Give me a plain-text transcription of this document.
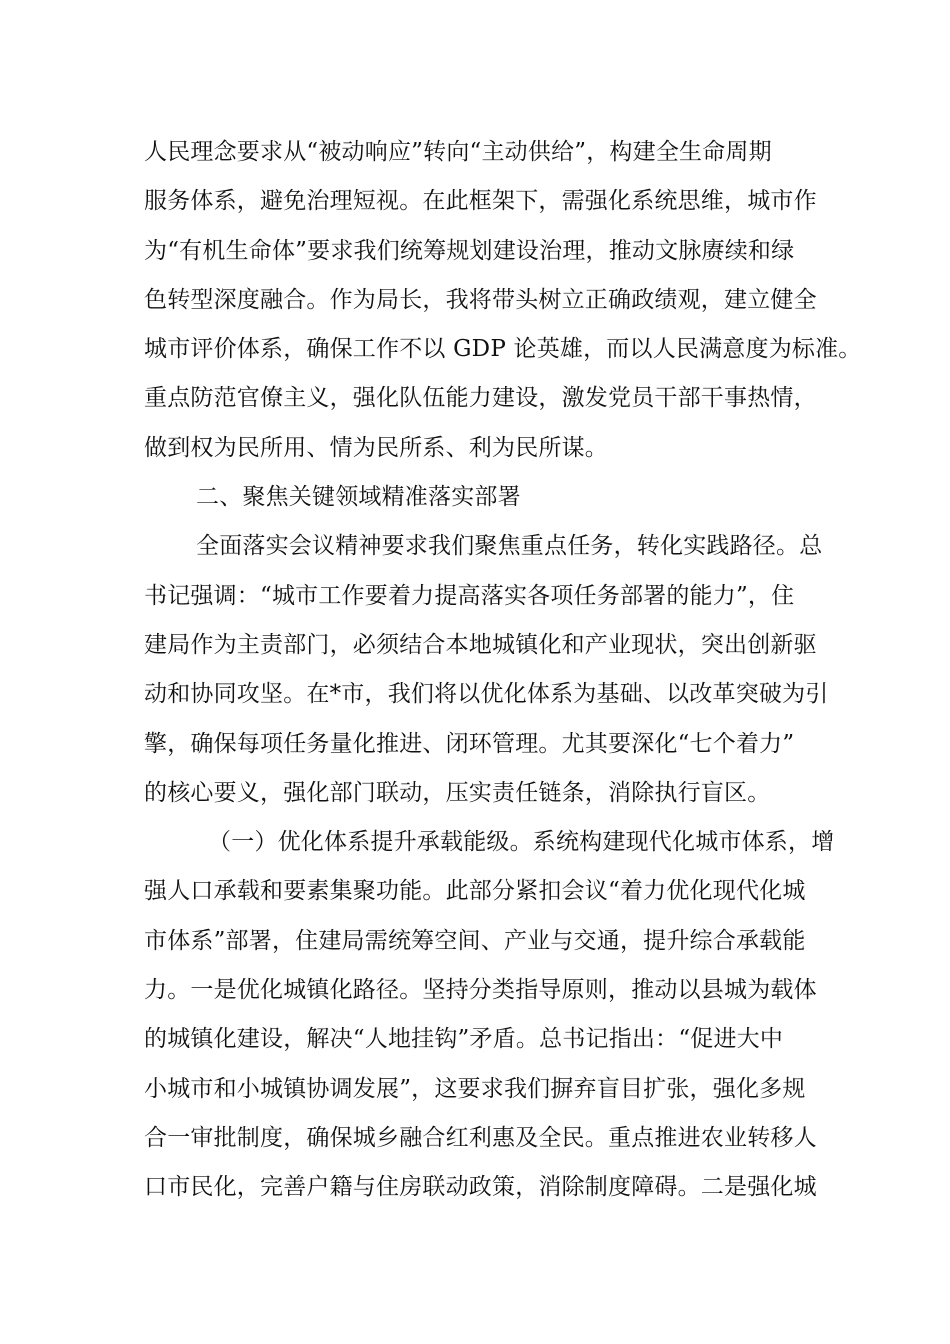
人民理念要求从“被动响应”转向“主动供给”，构建全生命周期
服务体系，避免治理短视。在此框架下，需强化系统思维，城市作
为“有机生命体”要求我们统筹规划建设治理，推动文脉赓续和绿
色转型深度融合。作为局长，我将带头树立正确政绩观，建立健全
城市评价体系，确保工作不以 GDP 论英雄，而以人民满意度为标准。
重点防范官僚主义，强化队伍能力建设，激发党员干部干事热情，
做到权为民所用、情为民所系、利为民所谋。
二、聚焦关键领域精准落实部署
全面落实会议精神要求我们聚焦重点任务，转化实践路径。总
书记强调：“城市工作要着力提高落实各项任务部署的能力”，住
建局作为主责部门，必须结合本地城镇化和产业现状，突出创新驱
动和协同攻坚。在*市，我们将以优化体系为基础、以改革突破为引
擎，确保每项任务量化推进、闭环管理。尤其要深化“七个着力”
的核心要义，强化部门联动，压实责任链条，消除执行盲区。
（一）优化体系提升承载能级。系统构建现代化城市体系，增
强人口承载和要素集聚功能。此部分紧扣会议“着力优化现代化城
市体系”部署，住建局需统筹空间、产业与交通，提升综合承载能
力。一是优化城镇化路径。坚持分类指导原则，推动以县城为载体
的城镇化建设，解决“人地挂钩”矛盾。总书记指出：“促进大中
小城市和小城镇协调发展”，这要求我们摒弃盲目扩张，强化多规
合一审批制度，确保城乡融合红利惠及全民。重点推进农业转移人
口市民化，完善户籍与住房联动政策，消除制度障碍。二是强化城
